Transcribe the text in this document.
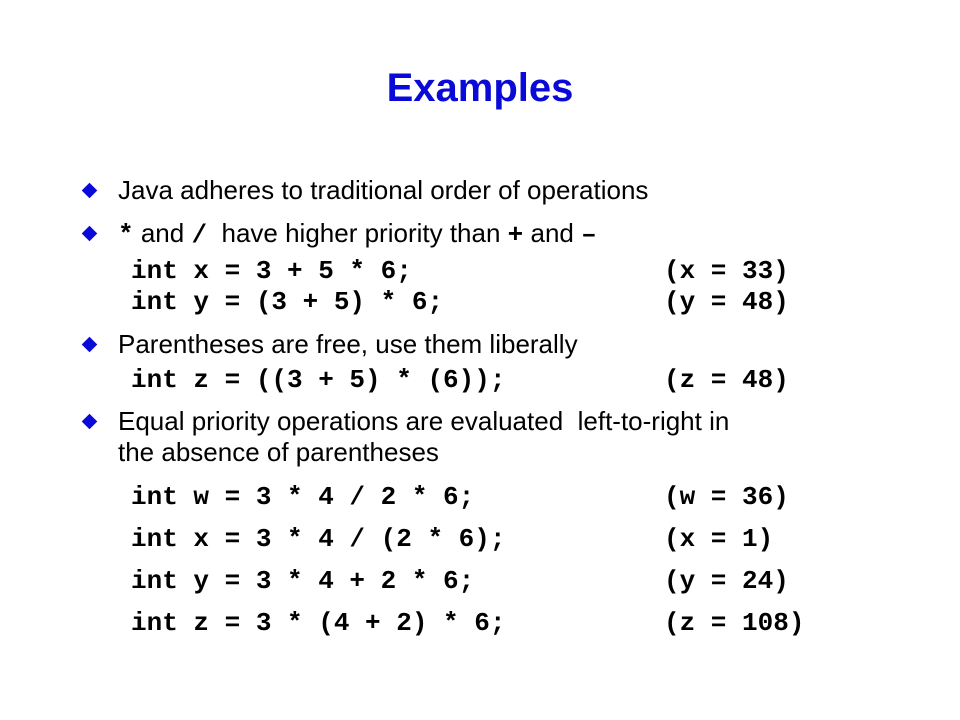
Examples
Java adheres to traditional order of operations
* and /  have higher priority than + and –
int x = 3 + 5 * 6;	(x = 33)
int y = (3 + 5) * 6;	(y = 48)
Parentheses are free, use them liberally
int z = ((3 + 5) * (6));	(z = 48)
Equal priority operations are evaluated  left-to-right in
the absence of parentheses
int w = 3 * 4 / 2 * 6;	(w = 36)
int x = 3 * 4 / (2 * 6);	(x = 1)
int y = 3 * 4 + 2 * 6;	(y = 24)
int z = 3 * (4 + 2) * 6;	(z = 108)
